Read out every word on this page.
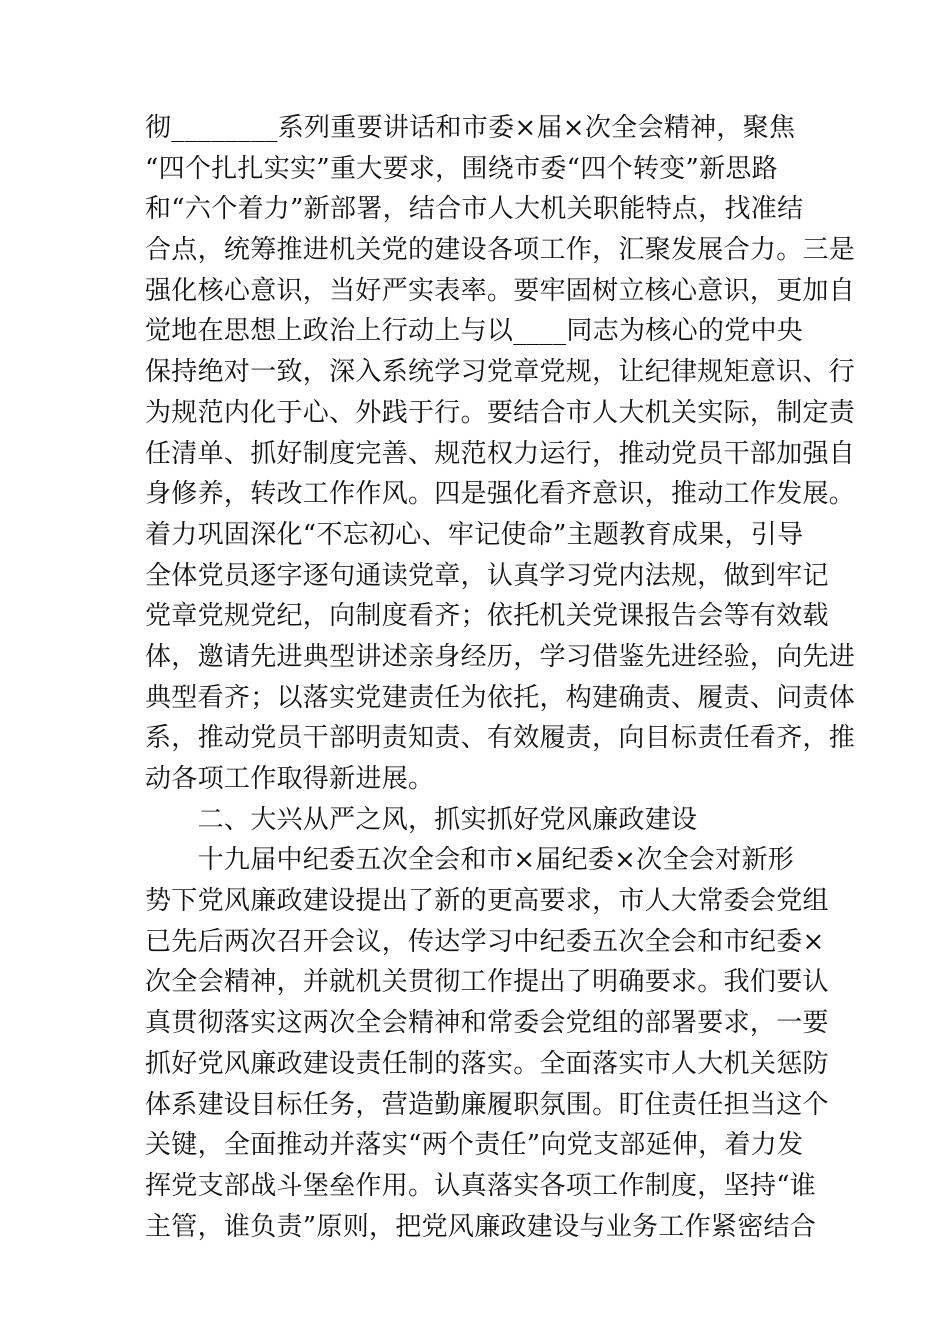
彻________系列重要讲话和市委×届×次全会精神，聚焦
“四个扎扎实实”重大要求，围绕市委“四个转变”新思路
和“六个着力”新部署，结合市人大机关职能特点，找准结
合点，统筹推进机关党的建设各项工作，汇聚发展合力。三是
强化核心意识，当好严实表率。要牢固树立核心意识，更加自
觉地在思想上政治上行动上与以____同志为核心的党中央
保持绝对一致，深入系统学习党章党规，让纪律规矩意识、行
为规范内化于心、外践于行。要结合市人大机关实际，制定责
任清单、抓好制度完善、规范权力运行，推动党员干部加强自
身修养，转改工作作风。四是强化看齐意识，推动工作发展。
着力巩固深化“不忘初心、牢记使命”主题教育成果，引导
全体党员逐字逐句通读党章，认真学习党内法规，做到牢记
党章党规党纪，向制度看齐；依托机关党课报告会等有效载
体，邀请先进典型讲述亲身经历，学习借鉴先进经验，向先进
典型看齐；以落实党建责任为依托，构建确责、履责、问责体
系，推动党员干部明责知责、有效履责，向目标责任看齐，推
动各项工作取得新进展。
　　二、大兴从严之风，抓实抓好党风廉政建设
　　十九届中纪委五次全会和市×届纪委×次全会对新形
势下党风廉政建设提出了新的更高要求，市人大常委会党组
已先后两次召开会议，传达学习中纪委五次全会和市纪委×
次全会精神，并就机关贯彻工作提出了明确要求。我们要认
真贯彻落实这两次全会精神和常委会党组的部署要求，一要
抓好党风廉政建设责任制的落实。全面落实市人大机关惩防
体系建设目标任务，营造勤廉履职氛围。盯住责任担当这个
关键，全面推动并落实“两个责任”向党支部延伸，着力发
挥党支部战斗堡垒作用。认真落实各项工作制度，坚持“谁
主管，谁负责”原则，把党风廉政建设与业务工作紧密结合
